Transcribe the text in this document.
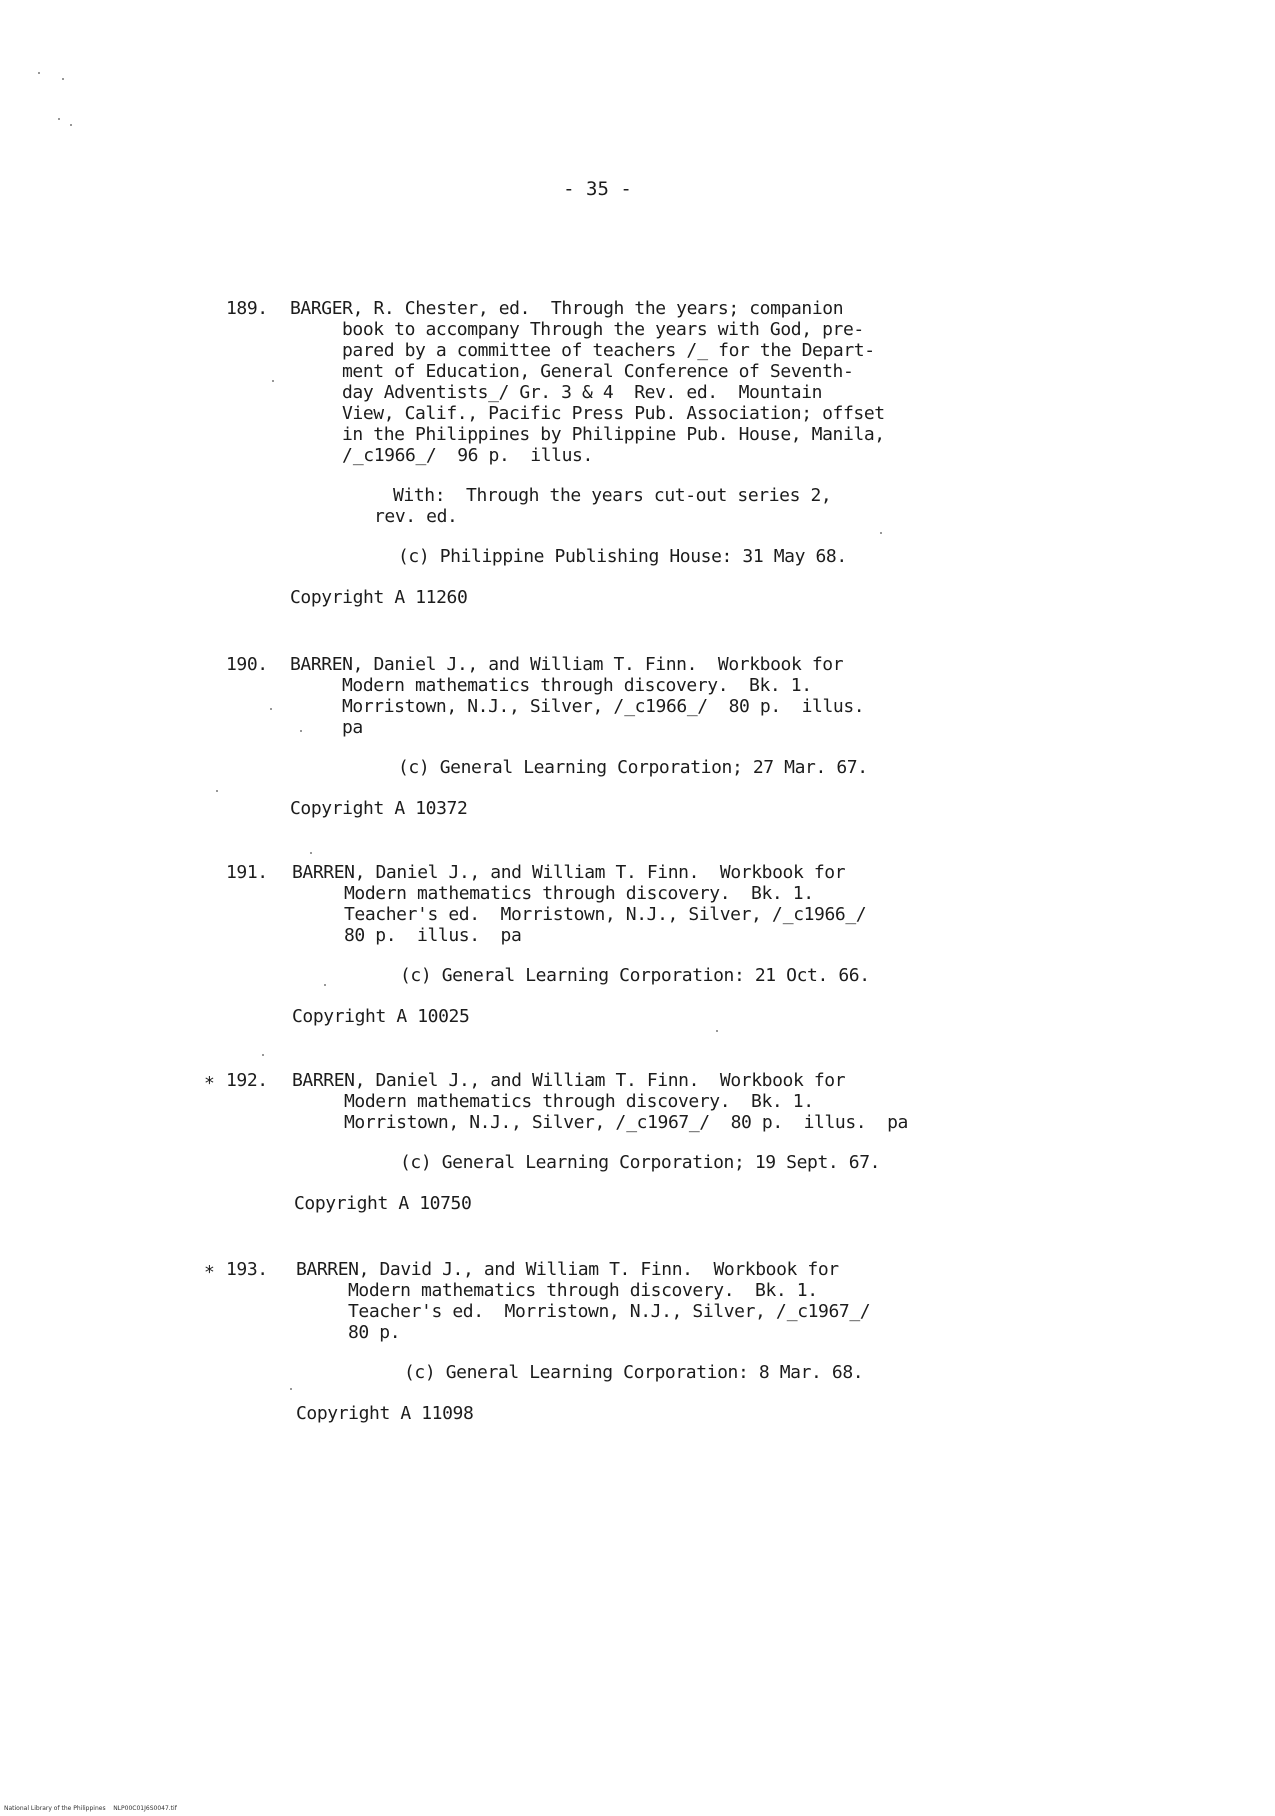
- 35 -
189. BARGER, R. Chester, ed.  Through the years; companion
book to accompany Through the years with God, pre-
pared by a committee of teachers /̲ for the Depart-
ment of Education, General Conference of Seventh-
day Adventists_/ Gr. 3 & 4  Rev. ed.  Mountain
View, Calif., Pacific Press Pub. Association; offset
in the Philippines by Philippine Pub. House, Manila,
/̲c1966_/  96 p.  illus.
With:  Through the years cut-out series 2,
rev. ed.
(c) Philippine Publishing House: 31 May 68.
Copyright A 11260
190. BARREN, Daniel J., and William T. Finn.  Workbook for
Modern mathematics through discovery.  Bk. 1.
Morristown, N.J., Silver, /̲c1966_/  80 p.  illus.
pa
(c) General Learning Corporation; 27 Mar. 67.
Copyright A 10372
191. BARREN, Daniel J., and William T. Finn.  Workbook for
Modern mathematics through discovery.  Bk. 1.
Teacher's ed.  Morristown, N.J., Silver, /̲c1966_/
80 p.  illus.  pa
(c) General Learning Corporation: 21 Oct. 66.
Copyright A 10025
* 192. BARREN, Daniel J., and William T. Finn.  Workbook for
Modern mathematics through discovery.  Bk. 1.
Morristown, N.J., Silver, /̲c1967_/  80 p.  illus.  pa
(c) General Learning Corporation; 19 Sept. 67.
Copyright A 10750
* 193. BARREN, David J., and William T. Finn.  Workbook for
Modern mathematics through discovery.  Bk. 1.
Teacher's ed.  Morristown, N.J., Silver, /̲c1967_/
80 p.
(c) General Learning Corporation: 8 Mar. 68.
Copyright A 11098
National Library of the Philippines    NLP00C01J6S0047.tif
